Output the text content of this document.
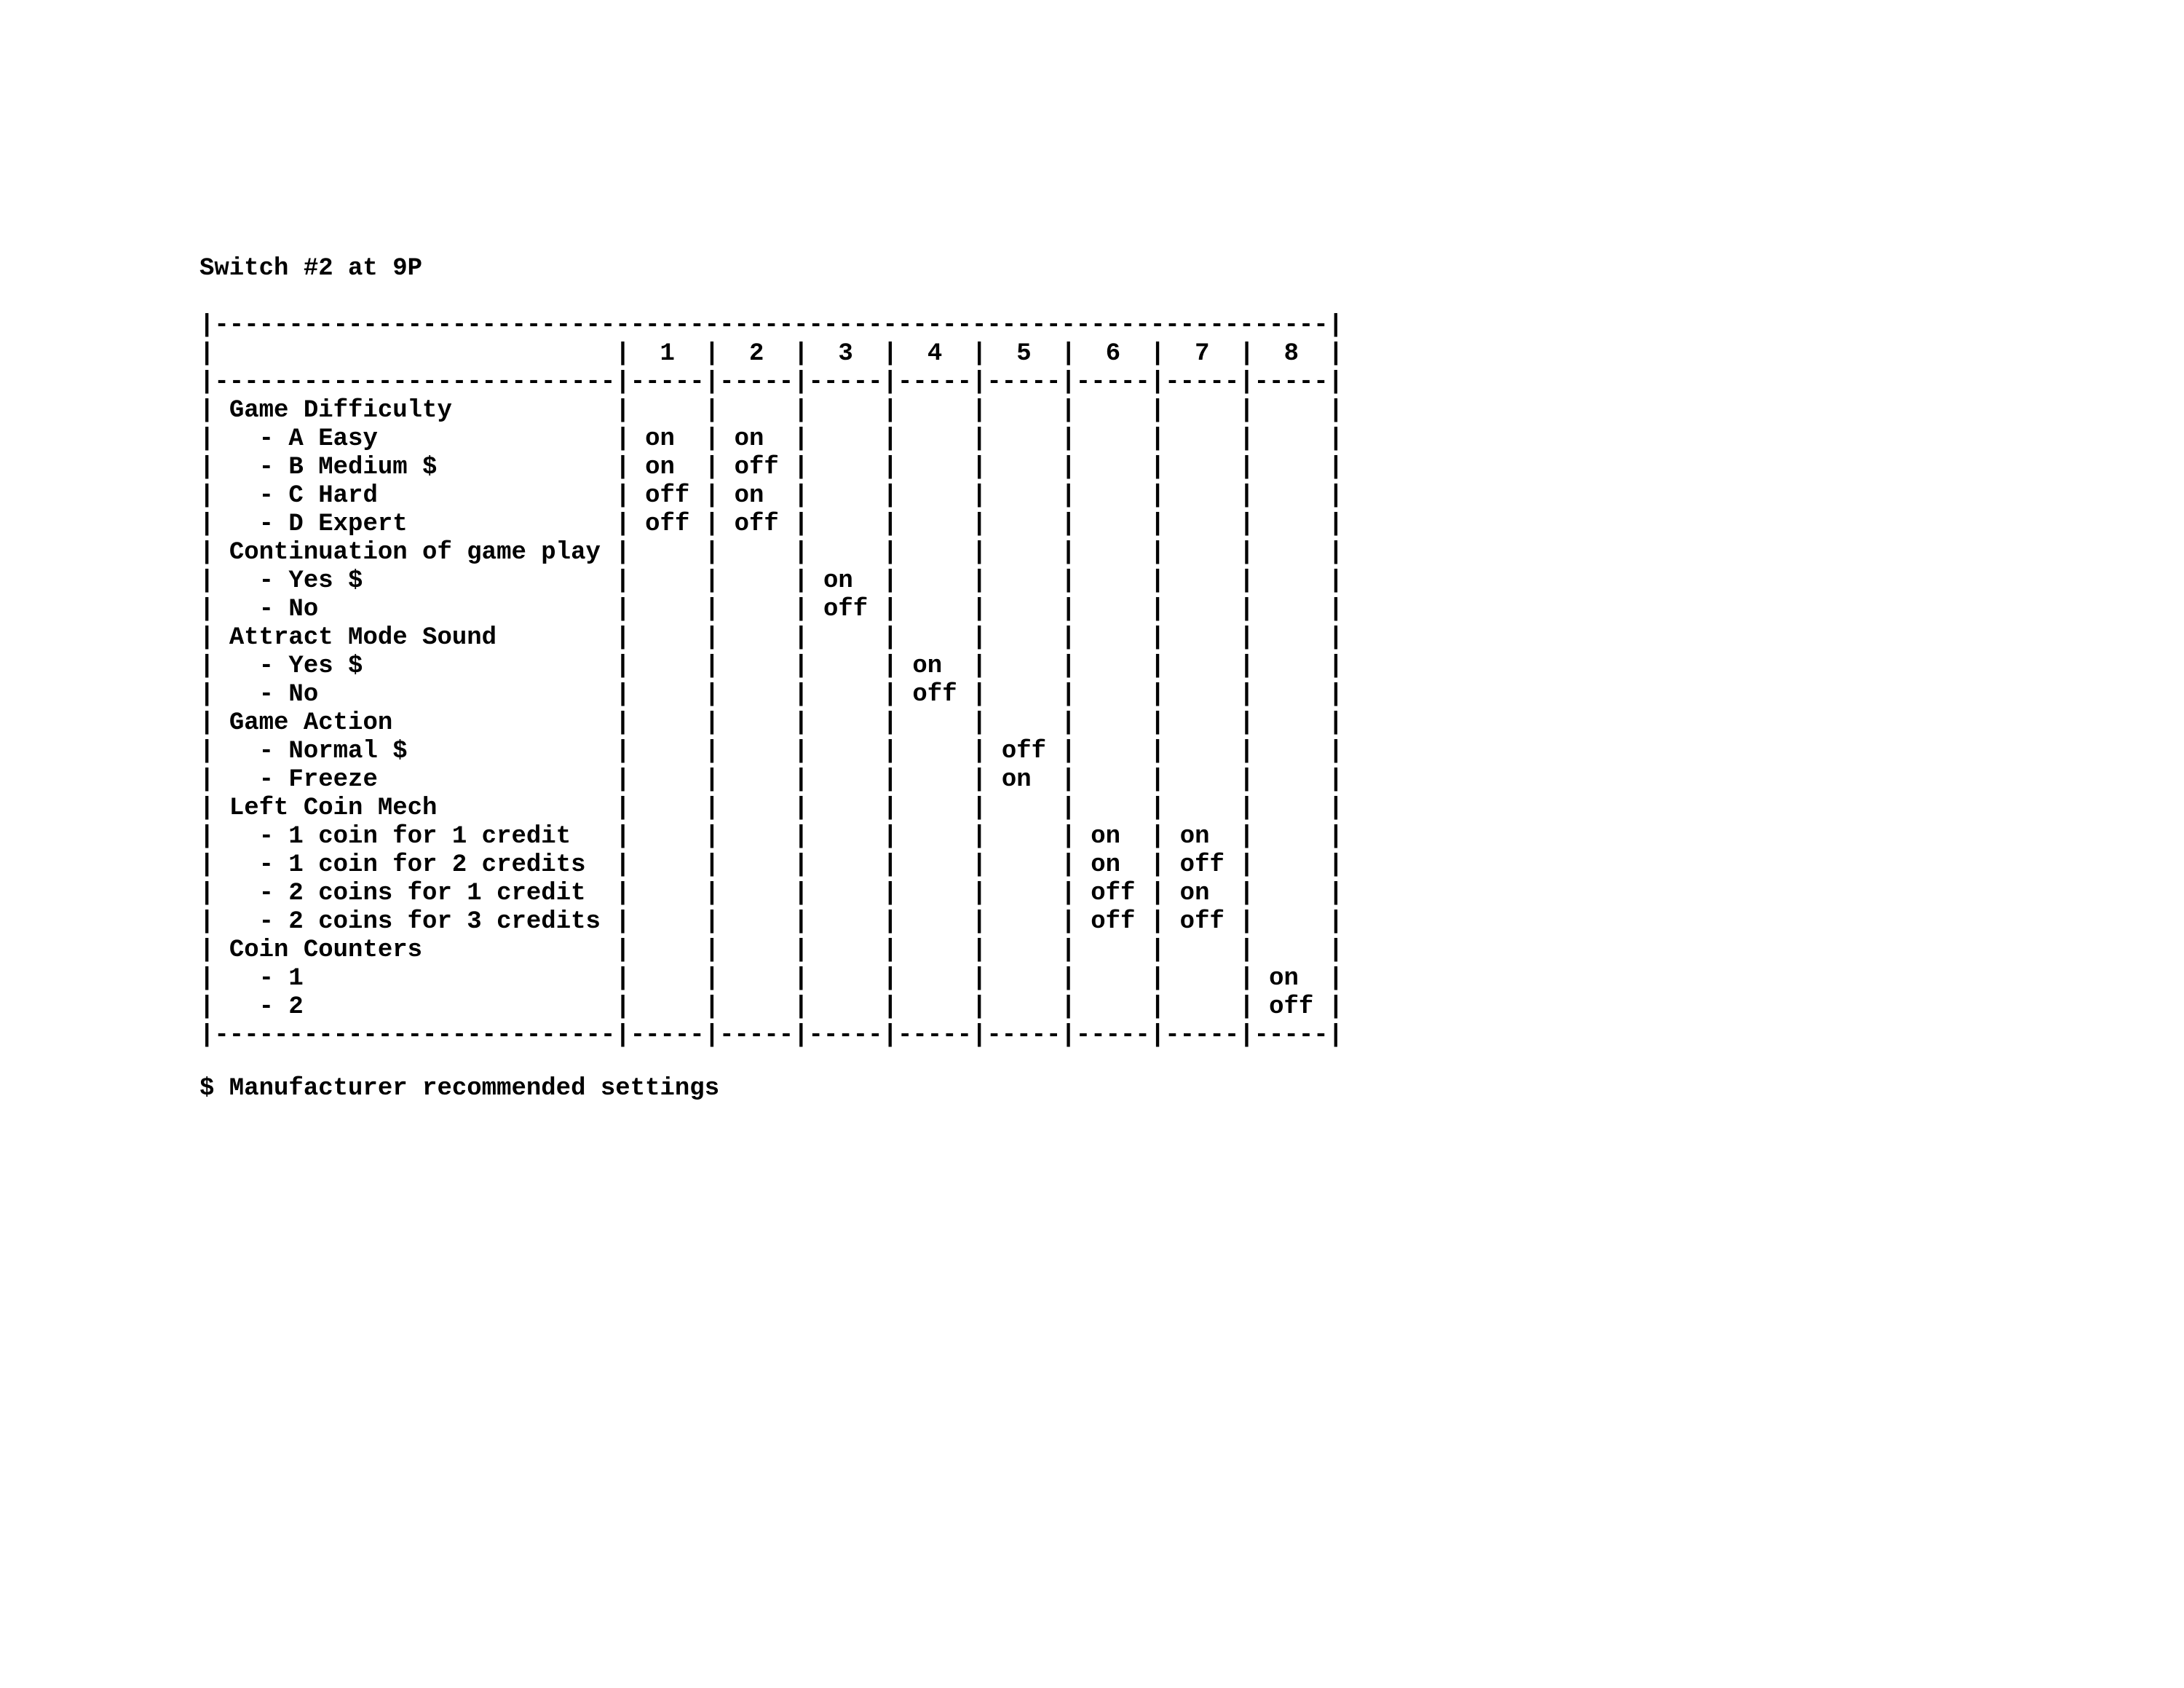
Switch #2 at 9P
|---------------------------------------------------------------------------|
|                           | 1  | 2  | 3  | 4  | 5  | 6  | 7  | 8  |
|---------------------------|-----|-----|-----|-----|-----|-----|-----|-----|
| Game Difficulty           |     |     |     |     |     |     |     |     |
|   - A Easy                | on  | on  |     |     |     |     |     |     |
|   - B Medium $            | on  | off |     |     |     |     |     |     |
|   - C Hard                | off | on  |     |     |     |     |     |     |
|   - D Expert              | off | off |     |     |     |     |     |     |
| Continuation of game play |     |     |     |     |     |     |     |     |
|   - Yes $                 |     |     | on  |     |     |     |     |     |
|   - No                    |     |     | off |     |     |     |     |     |
| Attract Mode Sound        |     |     |     |     |     |     |     |     |
|   - Yes $                 |     |     |     | on  |     |     |     |     |
|   - No                    |     |     |     | off |     |     |     |     |
| Game Action               |     |     |     |     |     |     |     |     |
|   - Normal $              |     |     |     |     | off |     |     |     |
|   - Freeze                |     |     |     |     | on  |     |     |     |
| Left Coin Mech            |     |     |     |     |     |     |     |     |
|   - 1 coin for 1 credit   |     |     |     |     |     | on  | on  |     |
|   - 1 coin for 2 credits  |     |     |     |     |     | on  | off |     |
|   - 2 coins for 1 credit  |     |     |     |     |     | off | on  |     |
|   - 2 coins for 3 credits |     |     |     |     |     | off | off |     |
| Coin Counters             |     |     |     |     |     |     |     |     |
|   - 1                     |     |     |     |     |     |     |     | on  |
|   - 2                     |     |     |     |     |     |     |     | off |
|---------------------------|-----|-----|-----|-----|-----|-----|-----|-----|
$ Manufacturer recommended settings
